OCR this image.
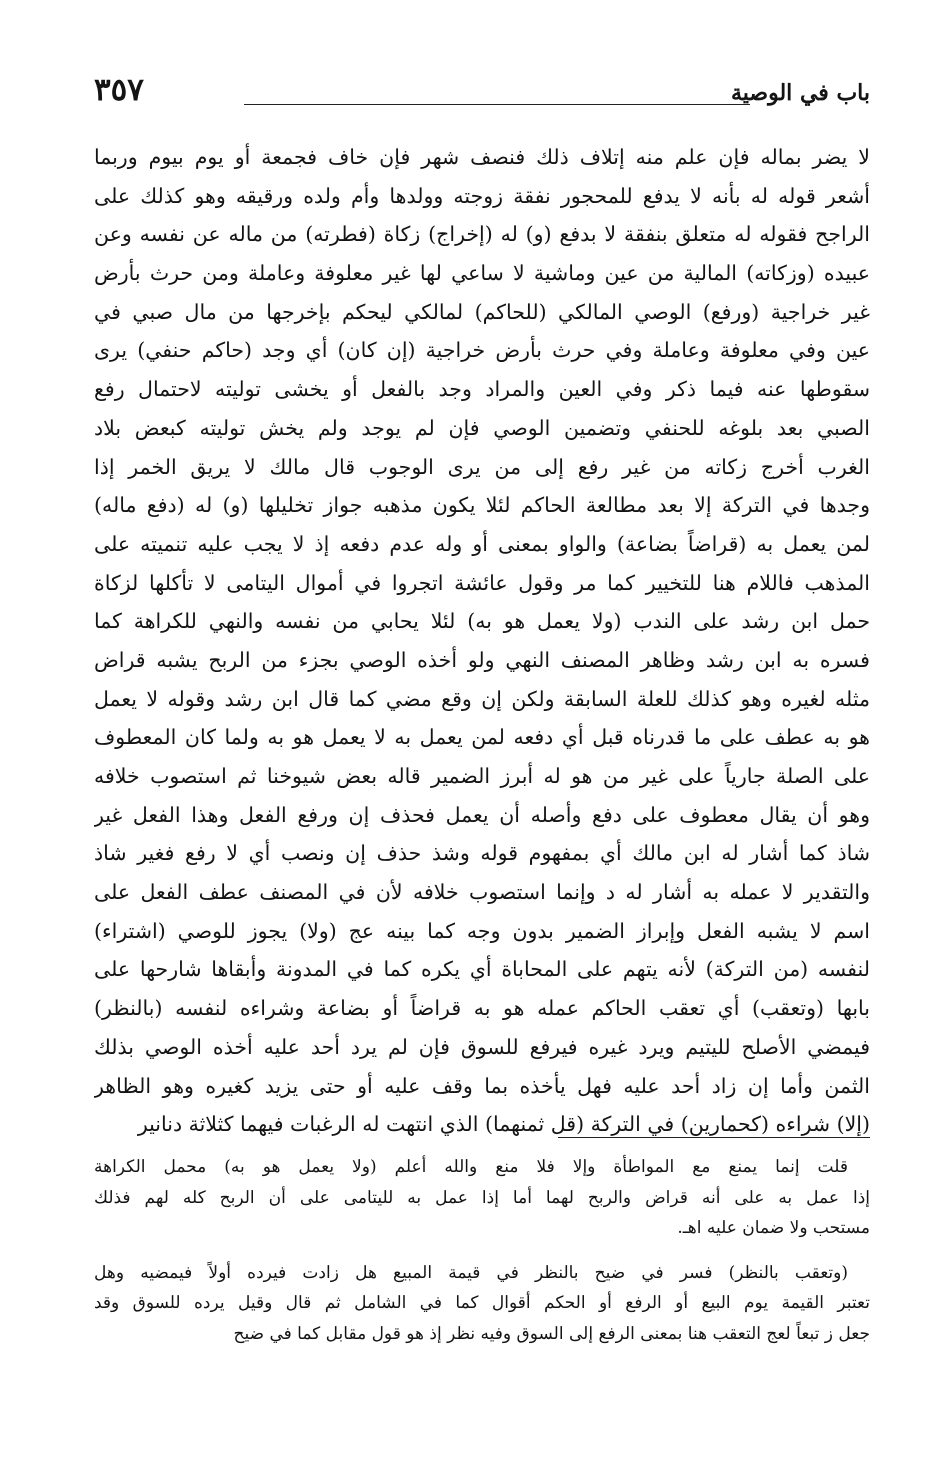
باب في الوصية
٣٥٧
لا يضر بماله فإن علم منه إتلاف ذلك فنصف شهر فإن خاف فجمعة أو يوم بيوم وربما
أشعر قوله له بأنه لا يدفع للمحجور نفقة زوجته وولدها وأم ولده ورقيقه وهو كذلك على
الراجح فقوله له متعلق بنفقة لا بدفع (و) له (إخراج) زكاة (فطرته) من ماله عن نفسه وعن
عبيده (وزكاته) المالية من عين وماشية لا ساعي لها غير معلوفة وعاملة ومن حرث بأرض
غير خراجية (ورفع) الوصي المالكي (للحاكم) لمالكي ليحكم بإخرجها من مال صبي في
عين وفي معلوفة وعاملة وفي حرث بأرض خراجية (إن كان) أي وجد (حاكم حنفي) يرى
سقوطها عنه فيما ذكر وفي العين والمراد وجد بالفعل أو يخشى توليته لاحتمال رفع
الصبي بعد بلوغه للحنفي وتضمين الوصي فإن لم يوجد ولم يخش توليته كبعض بلاد
الغرب أخرج زكاته من غير رفع إلى من يرى الوجوب قال مالك لا يريق الخمر إذا
وجدها في التركة إلا بعد مطالعة الحاكم لئلا يكون مذهبه جواز تخليلها (و) له (دفع ماله)
لمن يعمل به (قراضاً بضاعة) والواو بمعنى أو وله عدم دفعه إذ لا يجب عليه تنميته على
المذهب فاللام هنا للتخيير كما مر وقول عائشة اتجروا في أموال اليتامى لا تأكلها لزكاة
حمل ابن رشد على الندب (ولا يعمل هو به) لئلا يحابي من نفسه والنهي للكراهة كما
فسره به ابن رشد وظاهر المصنف النهي ولو أخذه الوصي بجزء من الربح يشبه قراض
مثله لغيره وهو كذلك للعلة السابقة ولكن إن وقع مضي كما قال ابن رشد وقوله لا يعمل
هو به عطف على ما قدرناه قبل أي دفعه لمن يعمل به لا يعمل هو به ولما كان المعطوف
على الصلة جارياً على غير من هو له أبرز الضمير قاله بعض شيوخنا ثم استصوب خلافه
وهو أن يقال معطوف على دفع وأصله أن يعمل فحذف إن ورفع الفعل وهذا الفعل غير
شاذ كما أشار له ابن مالك أي بمفهوم قوله وشذ حذف إن ونصب أي لا رفع فغير شاذ
والتقدير لا عمله به أشار له د وإنما استصوب خلافه لأن في المصنف عطف الفعل على
اسم لا يشبه الفعل وإبراز الضمير بدون وجه كما بينه عج (ولا) يجوز للوصي (اشتراء)
لنفسه (من التركة) لأنه يتهم على المحاباة أي يكره كما في المدونة وأبقاها شارحها على
بابها (وتعقب) أي تعقب الحاكم عمله هو به قراضاً أو بضاعة وشراءه لنفسه (بالنظر)
فيمضي الأصلح لليتيم ويرد غيره فيرفع للسوق فإن لم يرد أحد عليه أخذه الوصي بذلك
الثمن وأما إن زاد أحد عليه فهل يأخذه بما وقف عليه أو حتى يزيد كغيره وهو الظاهر
(إلا) شراءه (كحمارين) في التركة (قل ثمنهما) الذي انتهت له الرغبات فيهما كثلاثة دنانير
قلت إنما يمنع مع المواطأة وإلا فلا منع والله أعلم (ولا يعمل هو به) محمل الكراهة
إذا عمل به على أنه قراض والربح لهما أما إذا عمل به لليتامى على أن الربح كله لهم فذلك
مستحب ولا ضمان عليه اهـ.
(وتعقب بالنظر) فسر في ضيح بالنظر في قيمة المبيع هل زادت فيرده أولاً فيمضيه وهل
تعتبر القيمة يوم البيع أو الرفع أو الحكم أقوال كما في الشامل ثم قال وقيل يرده للسوق وقد
جعل ز تبعاً لعج التعقب هنا بمعنى الرفع إلى السوق وفيه نظر إذ هو قول مقابل كما في ضيح
